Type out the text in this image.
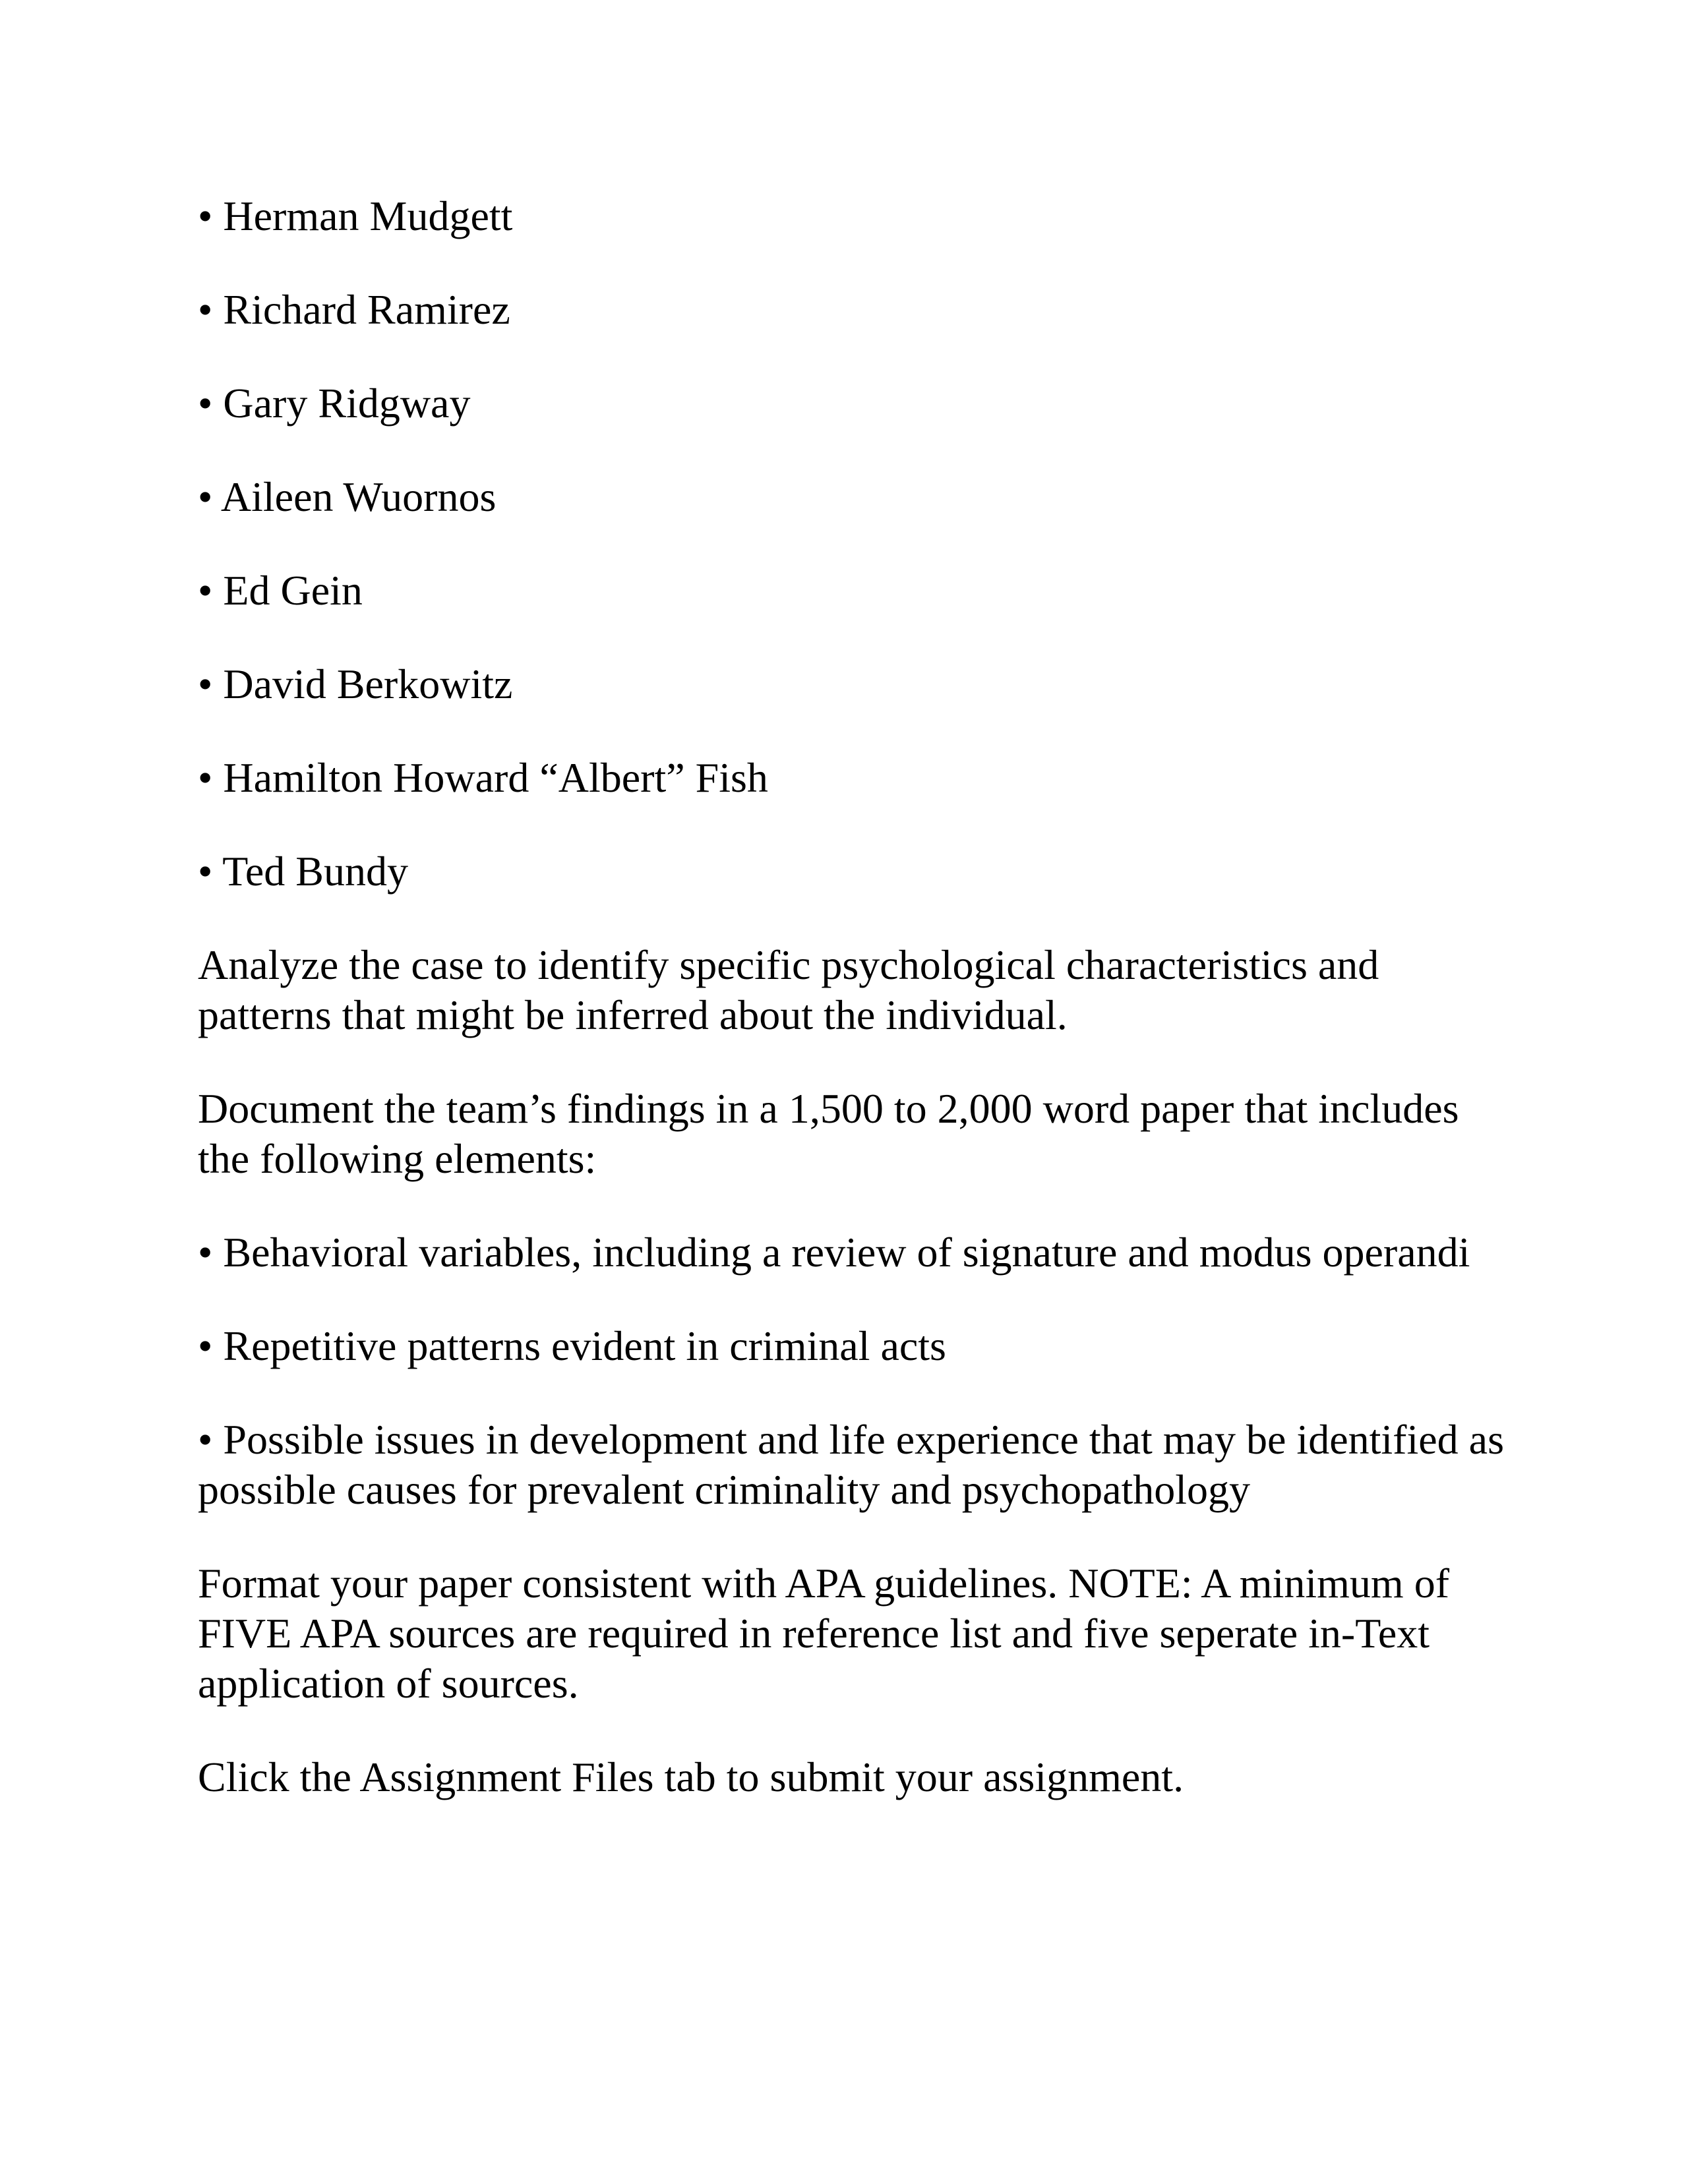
• Herman Mudgett

• Richard Ramirez

• Gary Ridgway

• Aileen Wuornos

• Ed Gein

• David Berkowitz

• Hamilton Howard “Albert” Fish

• Ted Bundy

Analyze the case to identify specific psychological characteristics and patterns that might be inferred about the individual.

Document the team’s findings in a 1,500 to 2,000 word paper that includes the following elements:

• Behavioral variables, including a review of signature and modus operandi

• Repetitive patterns evident in criminal acts

• Possible issues in development and life experience that may be identified as possible causes for prevalent criminality and psychopathology

Format your paper consistent with APA guidelines. NOTE: A minimum of FIVE APA sources are required in reference list and five seperate in-Text application of sources.

Click the Assignment Files tab to submit your assignment.
